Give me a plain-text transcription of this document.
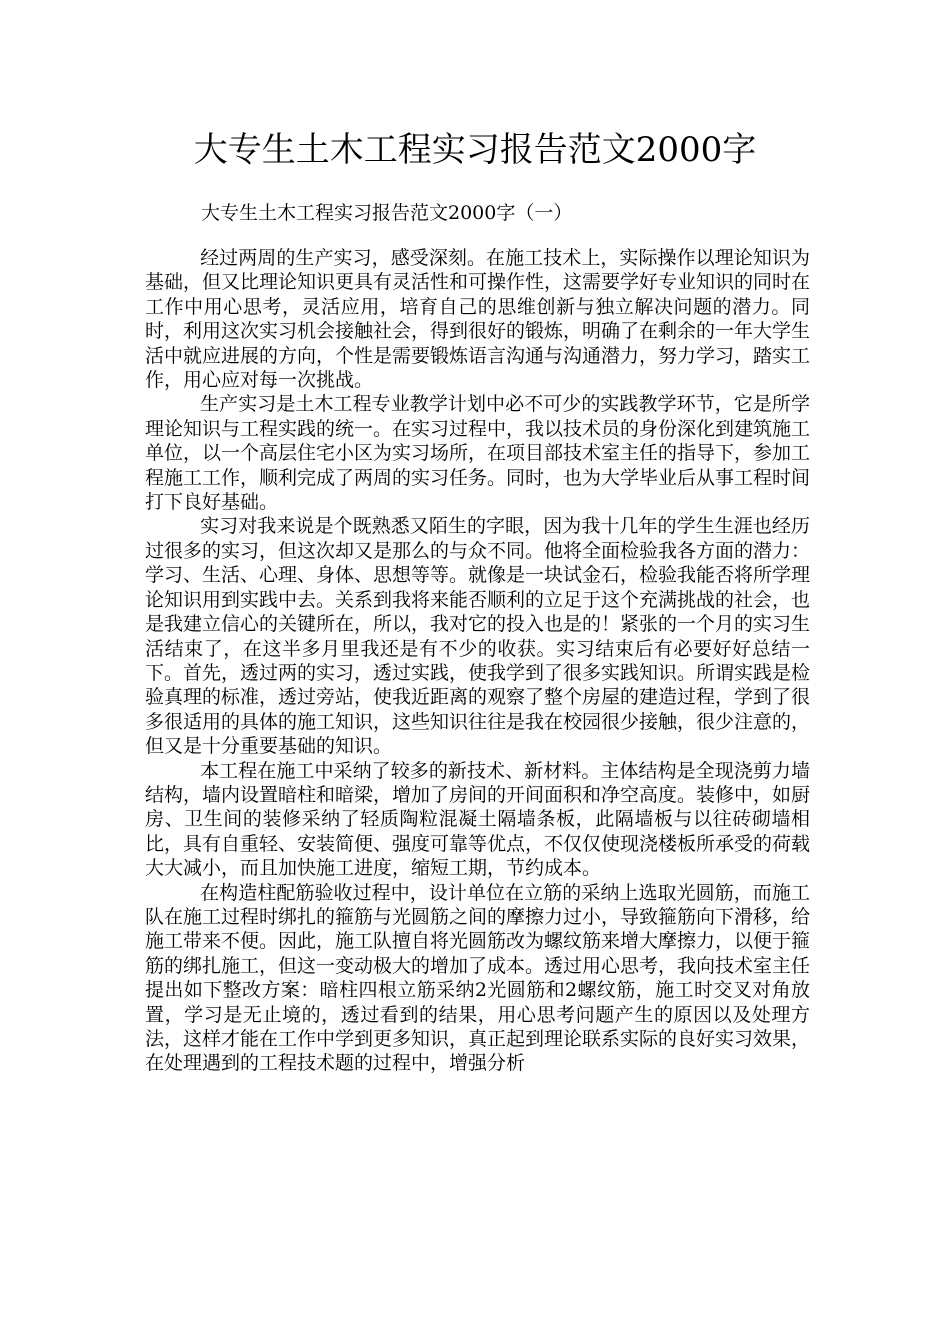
大专生土木工程实习报告范文2000字
大专生土木工程实习报告范文2000字（一）

经过两周的生产实习，感受深刻。在施工技术上，实际操作以理论知识为基础，但又比理论知识更具有灵活性和可操作性，这需要学好专业知识的同时在工作中用心思考，灵活应用，培育自己的思维创新与独立解决问题的潜力。同时，利用这次实习机会接触社会，得到很好的锻炼，明确了在剩余的一年大学生活中就应进展的方向，个性是需要锻炼语言沟通与沟通潜力，努力学习，踏实工作，用心应对每一次挑战。

生产实习是土木工程专业教学计划中必不可少的实践教学环节，它是所学理论知识与工程实践的统一。在实习过程中，我以技术员的身份深化到建筑施工单位，以一个高层住宅小区为实习场所，在项目部技术室主任的指导下，参加工程施工工作，顺利完成了两周的实习任务。同时，也为大学毕业后从事工程时间打下良好基础。

实习对我来说是个既熟悉又陌生的字眼，因为我十几年的学生生涯也经历过很多的实习，但这次却又是那么的与众不同。他将全面检验我各方面的潜力：学习、生活、心理、身体、思想等等。就像是一块试金石，检验我能否将所学理论知识用到实践中去。关系到我将来能否顺利的立足于这个充满挑战的社会，也是我建立信心的关键所在，所以，我对它的投入也是的！紧张的一个月的实习生活结束了，在这半多月里我还是有不少的收获。实习结束后有必要好好总结一下。首先，透过两的实习，透过实践，使我学到了很多实践知识。所谓实践是检验真理的标准，透过旁站，使我近距离的观察了整个房屋的建造过程，学到了很多很适用的具体的施工知识，这些知识往往是我在校园很少接触，很少注意的，但又是十分重要基础的知识。

本工程在施工中采纳了较多的新技术、新材料。主体结构是全现浇剪力墙结构，墙内设置暗柱和暗梁，增加了房间的开间面积和净空高度。装修中，如厨房、卫生间的装修采纳了轻质陶粒混凝土隔墙条板，此隔墙板与以往砖砌墙相比，具有自重轻、安装简便、强度可靠等优点，不仅仅使现浇楼板所承受的荷载大大减小，而且加快施工进度，缩短工期，节约成本。

在构造柱配筋验收过程中，设计单位在立筋的采纳上选取光圆筋，而施工队在施工过程时绑扎的箍筋与光圆筋之间的摩擦力过小，导致箍筋向下滑移，给施工带来不便。因此，施工队擅自将光圆筋改为螺纹筋来增大摩擦力，以便于箍筋的绑扎施工，但这一变动极大的增加了成本。透过用心思考，我向技术室主任提出如下整改方案：暗柱四根立筋采纳2光圆筋和2螺纹筋，施工时交叉对角放置，学习是无止境的，透过看到的结果，用心思考问题产生的原因以及处理方法，这样才能在工作中学到更多知识，真正起到理论联系实际的良好实习效果，在处理遇到的工程技术题的过程中，增强分析
